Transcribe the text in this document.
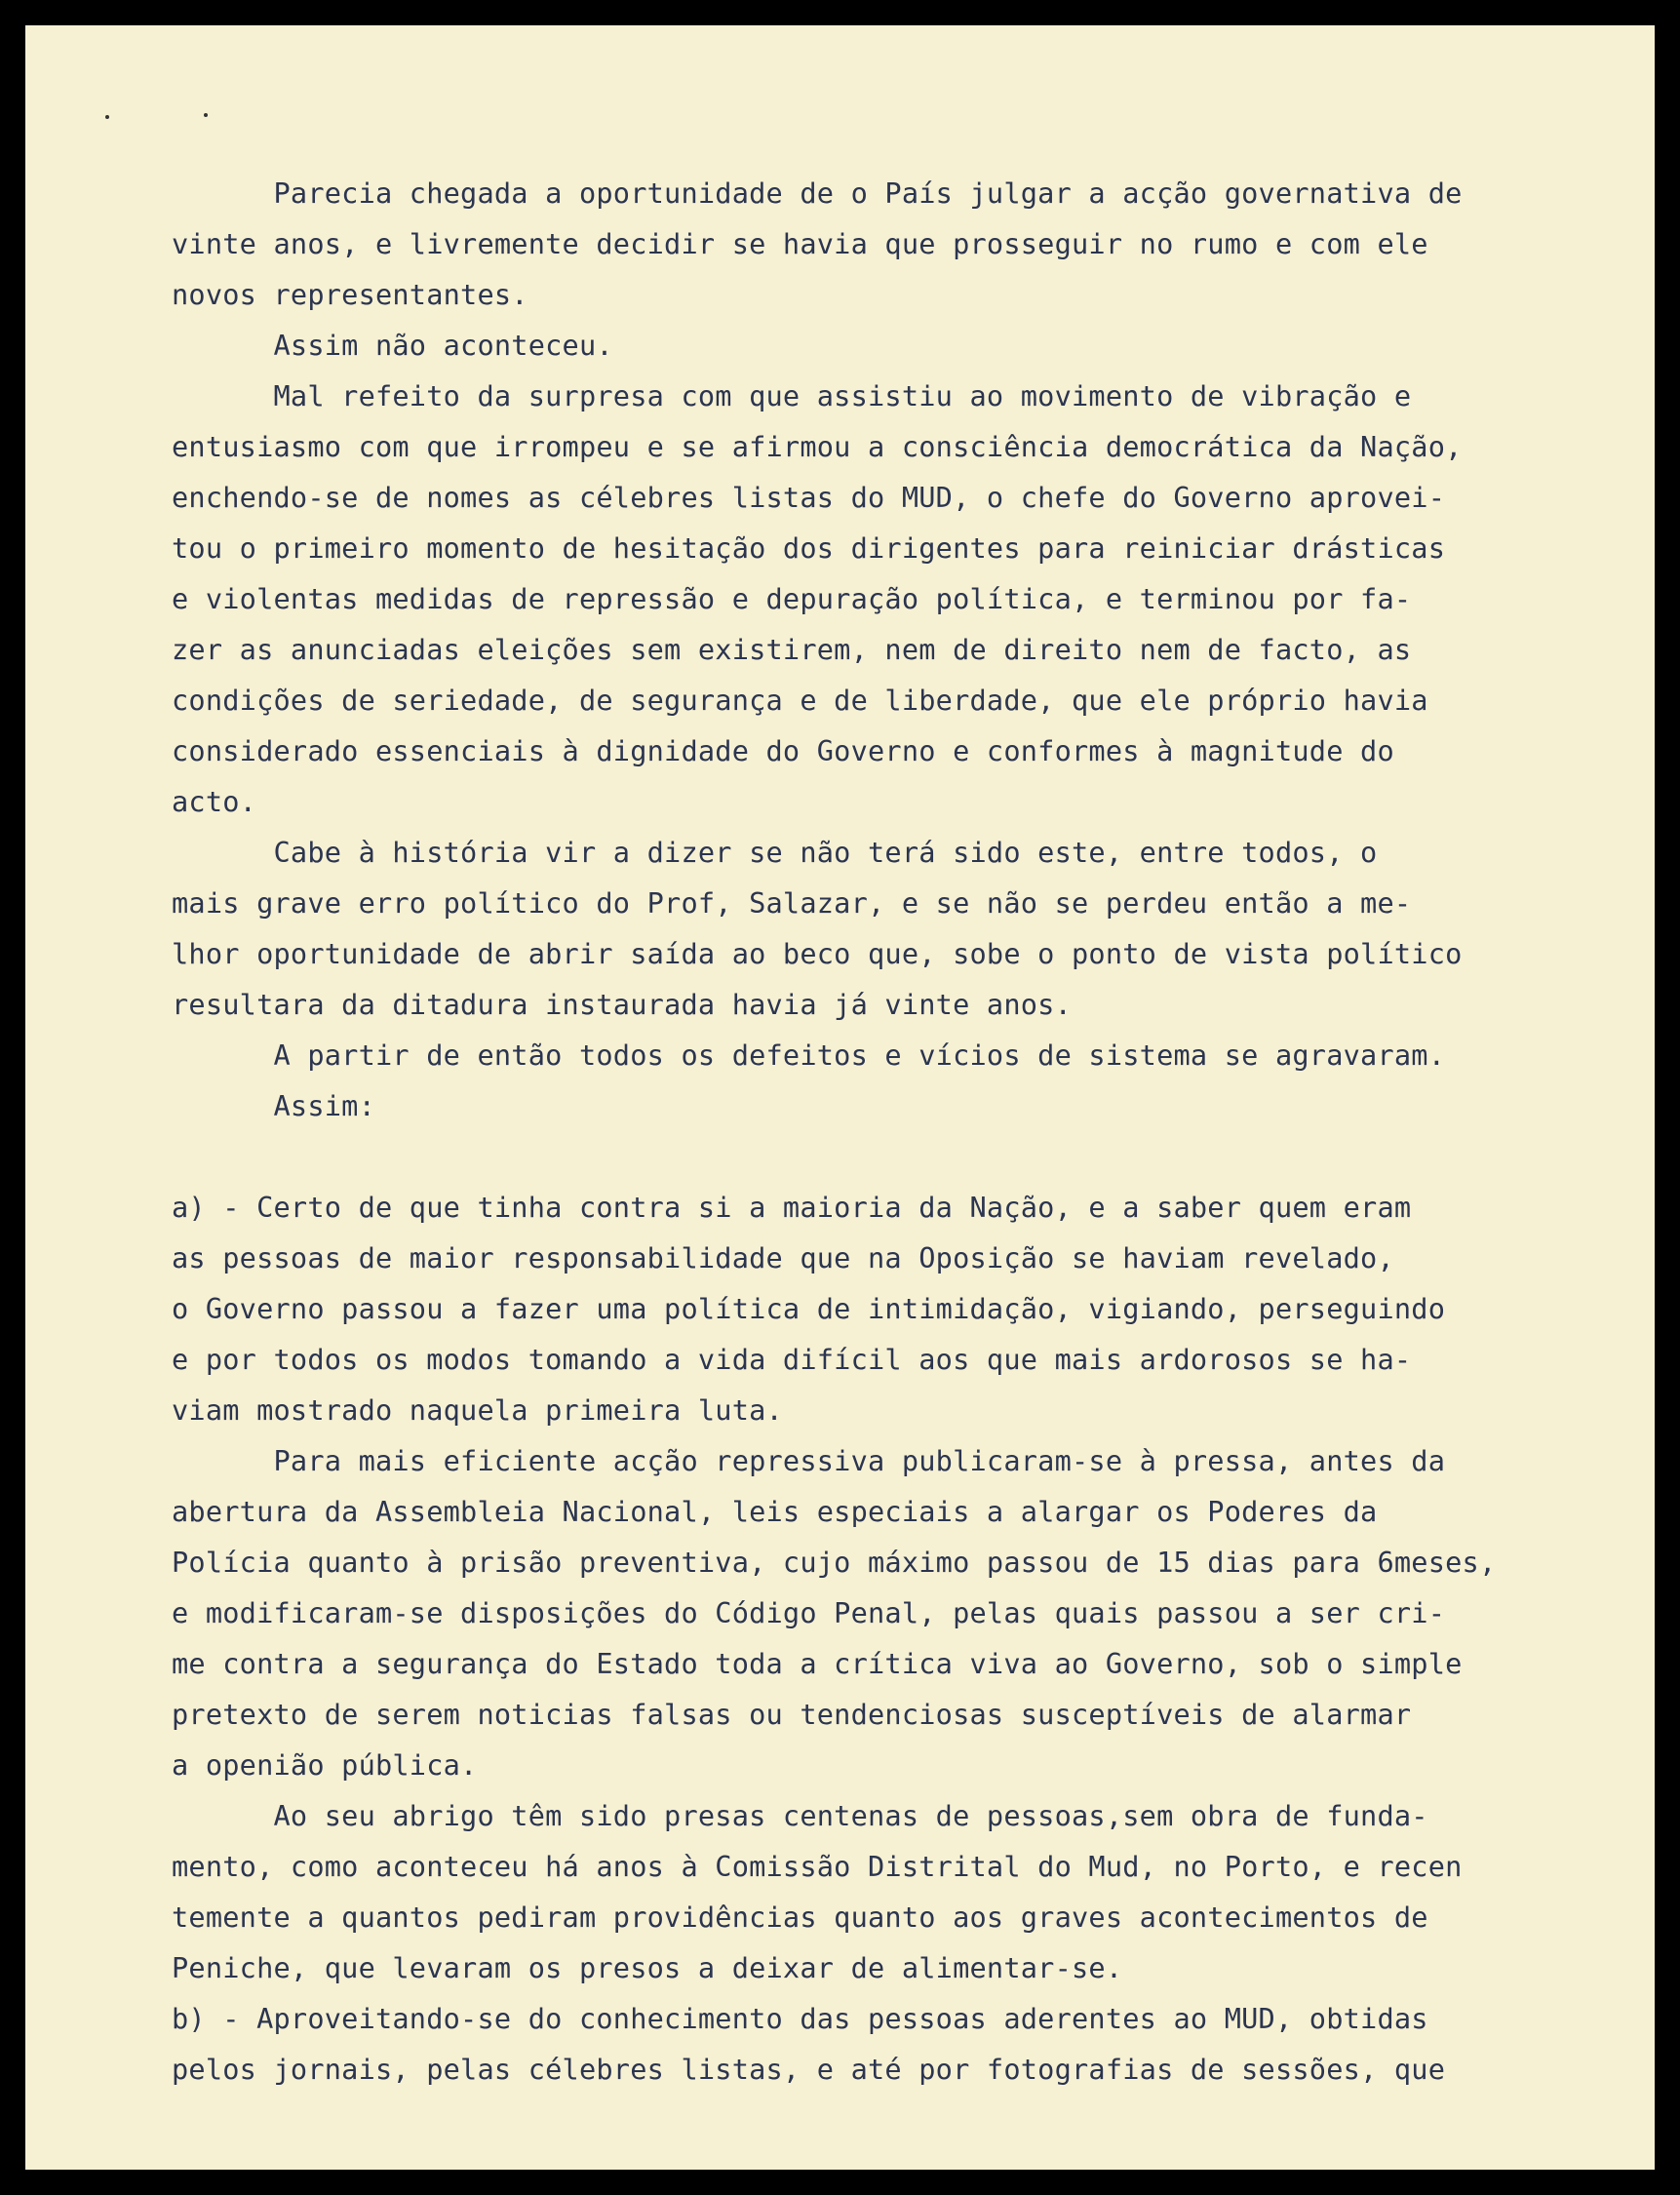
Parecia chegada a oportunidade de o País julgar a acção governativa de
vinte anos, e livremente decidir se havia que prosseguir no rumo e com ele
novos representantes.
Assim não aconteceu.
Mal refeito da surpresa com que assistiu ao movimento de vibração e
entusiasmo com que irrompeu e se afirmou a consciência democrática da Nação,
enchendo-se de nomes as célebres listas do MUD, o chefe do Governo aprovei-
tou o primeiro momento de hesitação dos dirigentes para reiniciar drásticas
e violentas medidas de repressão e depuração política, e terminou por fa-
zer as anunciadas eleições sem existirem, nem de direito nem de facto, as
condições de seriedade, de segurança e de liberdade, que ele próprio havia
considerado essenciais à dignidade do Governo e conformes à magnitude do
acto.
Cabe à história vir a dizer se não terá sido este, entre todos, o
mais grave erro político do Prof, Salazar, e se não se perdeu então a me-
lhor oportunidade de abrir saída ao beco que, sobe o ponto de vista político
resultara da ditadura instaurada havia já vinte anos.
A partir de então todos os defeitos e vícios de sistema se agravaram.
Assim:
a) - Certo de que tinha contra si a maioria da Nação, e a saber quem eram
as pessoas de maior responsabilidade que na Oposição se haviam revelado,
o Governo passou a fazer uma política de intimidação, vigiando, perseguindo
e por todos os modos tomando a vida difícil aos que mais ardorosos se ha-
viam mostrado naquela primeira luta.
Para mais eficiente acção repressiva publicaram-se à pressa, antes da
abertura da Assembleia Nacional, leis especiais a alargar os Poderes da
Polícia quanto à prisão preventiva, cujo máximo passou de 15 dias para 6meses,
e modificaram-se disposições do Código Penal, pelas quais passou a ser cri-
me contra a segurança do Estado toda a crítica viva ao Governo, sob o simple
pretexto de serem noticias falsas ou tendenciosas susceptíveis de alarmar
a openião pública.
Ao seu abrigo têm sido presas centenas de pessoas,sem obra de funda-
mento, como aconteceu há anos à Comissão Distrital do Mud, no Porto, e recen
temente a quantos pediram providências quanto aos graves acontecimentos de
Peniche, que levaram os presos a deixar de alimentar-se.
b) - Aproveitando-se do conhecimento das pessoas aderentes ao MUD, obtidas
pelos jornais, pelas célebres listas, e até por fotografias de sessões, que
